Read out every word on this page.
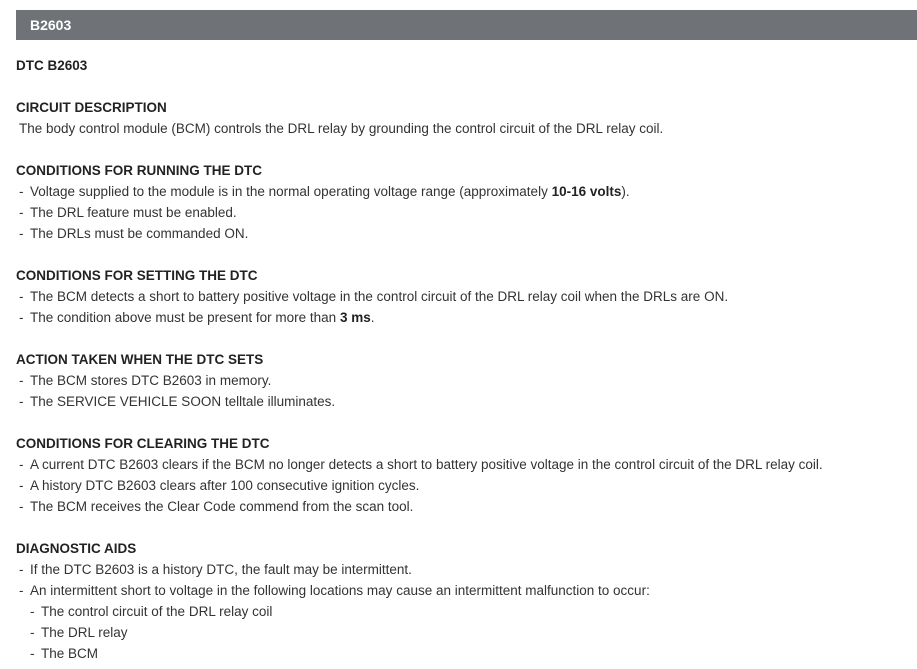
B2603

DTC B2603

CIRCUIT DESCRIPTION

The body control module (BCM) controls the DRL relay by grounding the control circuit of the DRL relay coil.

CONDITIONS FOR RUNNING THE DTC

- Voltage supplied to the module is in the normal operating voltage range (approximately 10-16 volts).
- The DRL feature must be enabled.
- The DRLs must be commanded ON.

CONDITIONS FOR SETTING THE DTC

- The BCM detects a short to battery positive voltage in the control circuit of the DRL relay coil when the DRLs are ON.
- The condition above must be present for more than 3 ms.

ACTION TAKEN WHEN THE DTC SETS

- The BCM stores DTC B2603 in memory.
- The SERVICE VEHICLE SOON telltale illuminates.

CONDITIONS FOR CLEARING THE DTC

- A current DTC B2603 clears if the BCM no longer detects a short to battery positive voltage in the control circuit of the DRL relay coil.
- A history DTC B2603 clears after 100 consecutive ignition cycles.
- The BCM receives the Clear Code commend from the scan tool.

DIAGNOSTIC AIDS

- If the DTC B2603 is a history DTC, the fault may be intermittent.
- An intermittent short to voltage in the following locations may cause an intermittent malfunction to occur:
- The control circuit of the DRL relay coil
- The DRL relay
- The BCM
